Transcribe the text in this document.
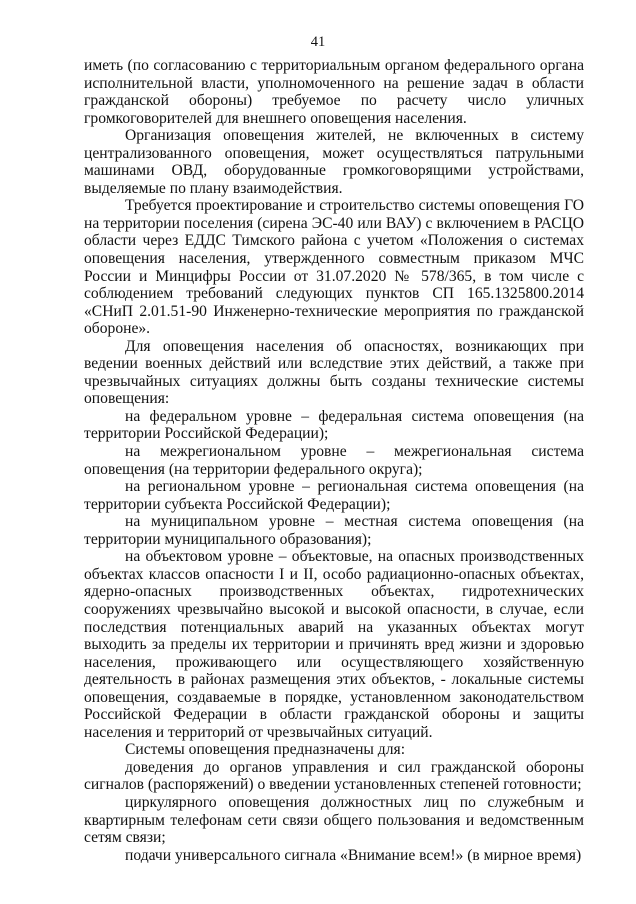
41

иметь (по согласованию с территориальным органом федерального органа исполнительной власти, уполномоченного на решение задач в области гражданской обороны) требуемое по расчету число уличных громкоговорителей для внешнего оповещения населения.

Организация оповещения жителей, не включенных в систему централизованного оповещения, может осуществляться патрульными машинами ОВД, оборудованные громкоговорящими устройствами, выделяемые по плану взаимодействия.

Требуется проектирование и строительство системы оповещения ГО на территории поселения (сирена ЭС-40 или ВАУ) с включением в РАСЦО области через ЕДДС Тимского района с учетом «Положения о системах оповещения населения, утвержденного совместным приказом МЧС России и Минцифры России от 31.07.2020 № 578/365, в том числе с соблюдением требований следующих пунктов СП 165.1325800.2014 «СНиП 2.01.51-90 Инженерно-технические мероприятия по гражданской обороне».

Для оповещения населения об опасностях, возникающих при ведении военных действий или вследствие этих действий, а также при чрезвычайных ситуациях должны быть созданы технические системы оповещения:

на федеральном уровне – федеральная система оповещения (на территории Российской Федерации);

на межрегиональном уровне – межрегиональная система оповещения (на территории федерального округа);

на региональном уровне – региональная система оповещения (на территории субъекта Российской Федерации);

на муниципальном уровне – местная система оповещения (на территории муниципального образования);

на объектовом уровне – объектовые, на опасных производственных объектах классов опасности I и II, особо радиационно-опасных объектах, ядерно-опасных производственных объектах, гидротехнических сооружениях чрезвычайно высокой и высокой опасности, в случае, если последствия потенциальных аварий на указанных объектах могут выходить за пределы их территории и причинять вред жизни и здоровью населения, проживающего или осуществляющего хозяйственную деятельность в районах размещения этих объектов, - локальные системы оповещения, создаваемые в порядке, установленном законодательством Российской Федерации в области гражданской обороны и защиты населения и территорий от чрезвычайных ситуаций.

Системы оповещения предназначены для:

доведения до органов управления и сил гражданской обороны сигналов (распоряжений) о введении установленных степеней готовности;

циркулярного оповещения должностных лиц по служебным и квартирным телефонам сети связи общего пользования и ведомственным сетям связи;

подачи универсального сигнала «Внимание всем!» (в мирное время)
